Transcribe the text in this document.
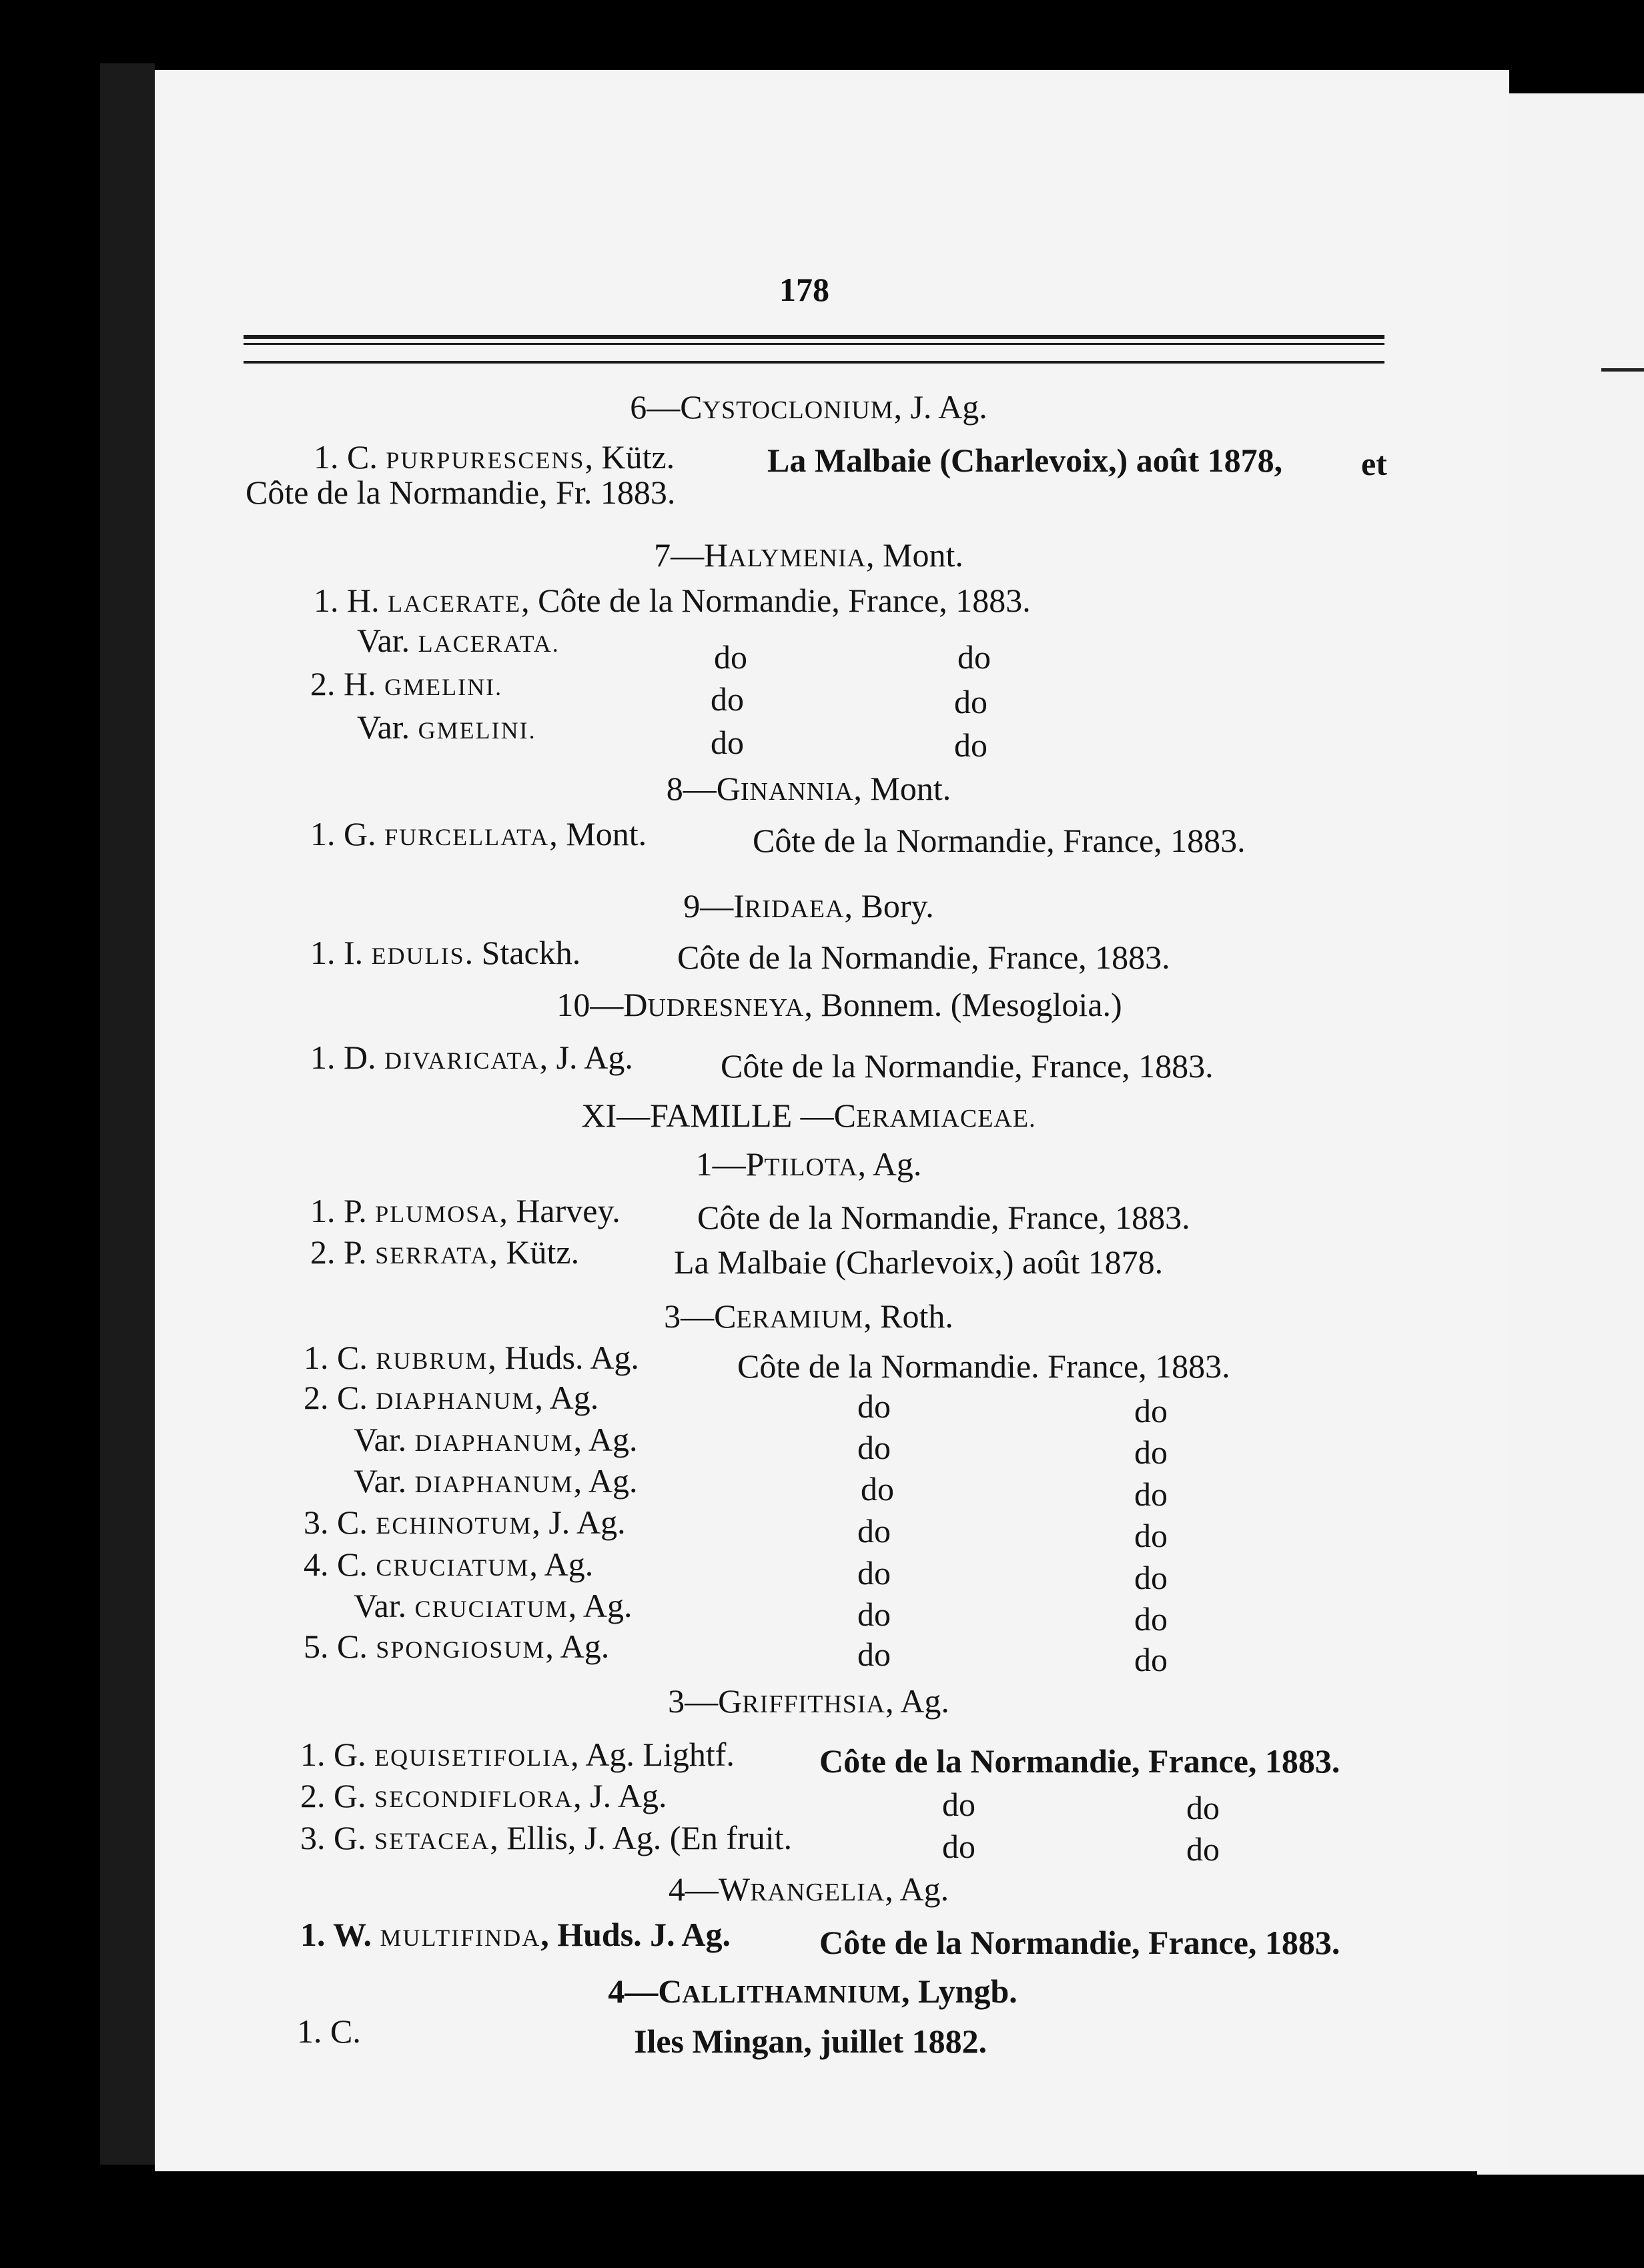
178
6—CYSTOCLONIUM, J. Ag.
1. C. PURPURESCENS, Kütz.	La Malbaie (Charlevoix,) août 1878, et
Côte de la Normandie, Fr. 1883.
7—HALYMENIA, Mont.
1. H. LACERATE, Côte de la Normandie, France, 1883.
Var. LACERATA.	do	do
2. H. GMELINI.	do	do
Var. GMELINI.	do	do
8—GINANNIA, Mont.
1. G. FURCELLATA, Mont.	Côte de la Normandie, France, 1883.
9—IRIDAEA, Bory.
1. I. EDULIS. Stackh.	Côte de la Normandie, France, 1883.
10—DUDRESNEYA, Bonnem. (Mesogloia.)
1. D. DIVARICATA, J. Ag.	Côte de la Normandie, France, 1883.
XI—FAMILLE —CERAMIACEAE.
1—PTILOTA, Ag.
1. P. PLUMOSA, Harvey. Côte de la Normandie, France, 1883.
2. P. SERRATA, Kütz.	La Malbaie (Charlevoix,) août 1878.
3—CERAMIUM, Roth.
1. C. RUBRUM, Huds. Ag.	Côte de la Normandie. France, 1883.
2. C. DIAPHANUM, Ag.	do	do
Var. DIAPHANUM, Ag.	do	do
Var. DIAPHANUM, Ag.	do	do
3. C. ECHINOTUM, J. Ag.	do	do
4. C. CRUCIATUM, Ag.	do	do
Var. CRUCIATUM, Ag.	do	do
5. C. SPONGIOSUM, Ag.	do	do
3—GRIFFITHSIA, Ag.
1. G. EQUISETIFOLIA, Ag. Lightf.	Côte de la Normandie, France, 1883.
2. G. SECONDIFLORA, J. Ag.	do	do
3. G. SETACEA, Ellis, J. Ag. (En fruit.	do	do
4—WRANGELIA, Ag.
1. W. MULTIFINDA, Huds. J. Ag.	Côte de la Normandie, France, 1883.
4—CALLITHAMNIUM, Lyngb.
1. C.	Iles Mingan, juillet 1882.
